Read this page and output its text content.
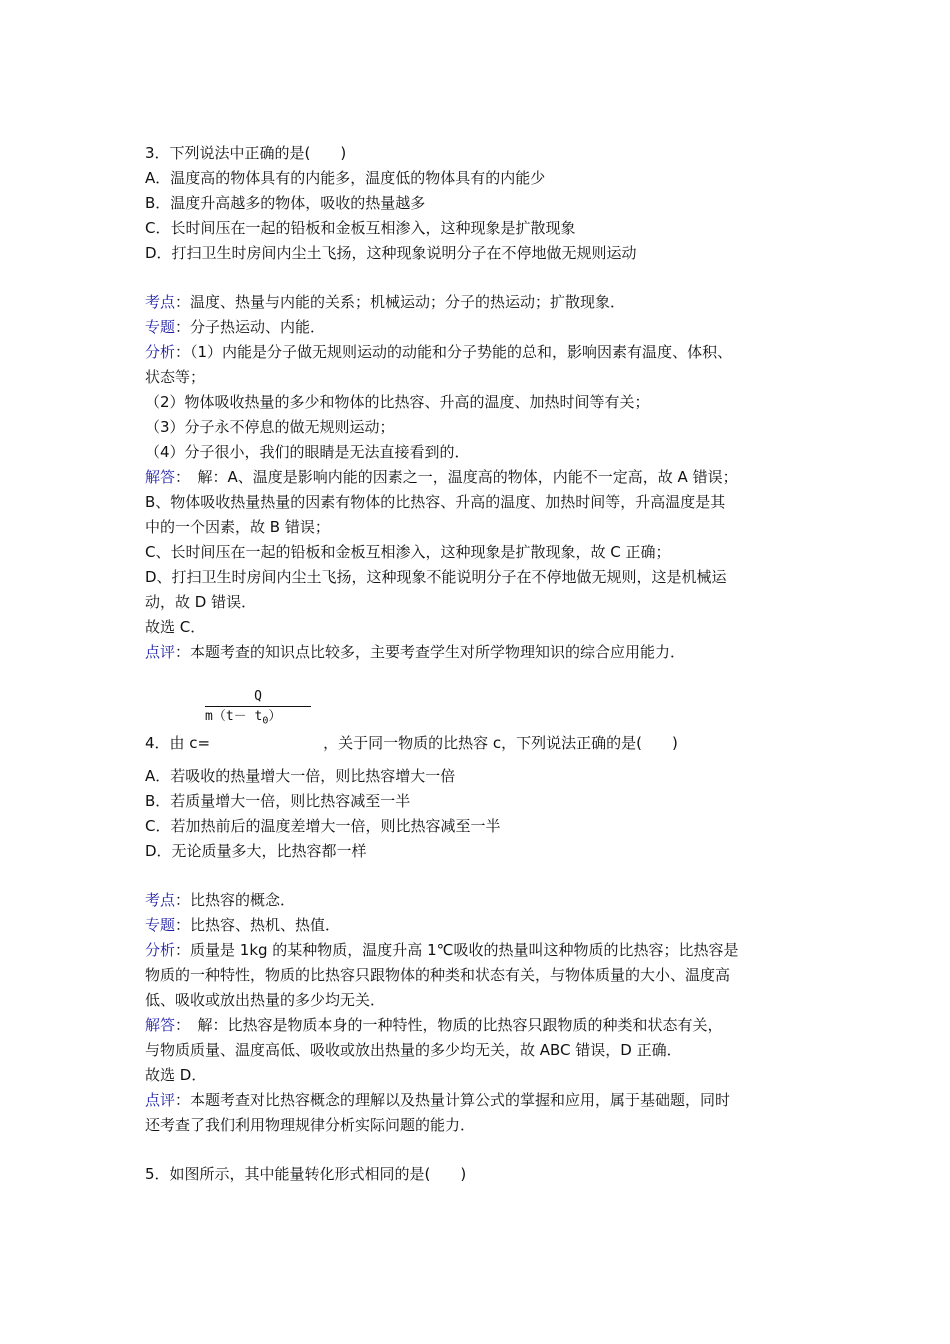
3．下列说法中正确的是(　　)
A．温度高的物体具有的内能多，温度低的物体具有的内能少
B．温度升高越多的物体，吸收的热量越多
C．长时间压在一起的铅板和金板互相渗入，这种现象是扩散现象
D．打扫卫生时房间内尘土飞扬，这种现象说明分子在不停地做无规则运动
考点：温度、热量与内能的关系；机械运动；分子的热运动；扩散现象．
专题：分子热运动、内能．
分析：（1）内能是分子做无规则运动的动能和分子势能的总和，影响因素有温度、体积、
状态等；
（2）物体吸收热量的多少和物体的比热容、升高的温度、加热时间等有关；
（3）分子永不停息的做无规则运动；
（4）分子很小，我们的眼睛是无法直接看到的．
解答：　解：A、温度是影响内能的因素之一，温度高的物体，内能不一定高，故 A 错误；
B、物体吸收热量热量的因素有物体的比热容、升高的温度、加热时间等，升高温度是其
中的一个因素，故 B 错误；
C、长时间压在一起的铅板和金板互相渗入，这种现象是扩散现象，故 C 正确；
D、打扫卫生时房间内尘土飞扬，这种现象不能说明分子在不停地做无规则，这是机械运
动，故 D 错误．
故选 C．
点评：本题考查的知识点比较多，主要考查学生对所学物理知识的综合应用能力．
Q
$m(t- t_0)$
4．由 c=	，关于同一物质的比热容 c，下列说法正确的是(　　)
A．若吸收的热量增大一倍，则比热容增大一倍
B．若质量增大一倍，则比热容减至一半
C．若加热前后的温度差增大一倍，则比热容减至一半
D．无论质量多大，比热容都一样
考点：比热容的概念．
专题：比热容、热机、热值．
分析：质量是 1kg 的某种物质，温度升高 1℃吸收的热量叫这种物质的比热容；比热容是
物质的一种特性，物质的比热容只跟物体的种类和状态有关，与物体质量的大小、温度高
低、吸收或放出热量的多少均无关．
解答：　解：比热容是物质本身的一种特性，物质的比热容只跟物质的种类和状态有关，
与物质质量、温度高低、吸收或放出热量的多少均无关，故 ABC 错误，D 正确．
故选 D．
点评：本题考查对比热容概念的理解以及热量计算公式的掌握和应用，属于基础题，同时
还考查了我们利用物理规律分析实际问题的能力．
5．如图所示，其中能量转化形式相同的是(　　)
